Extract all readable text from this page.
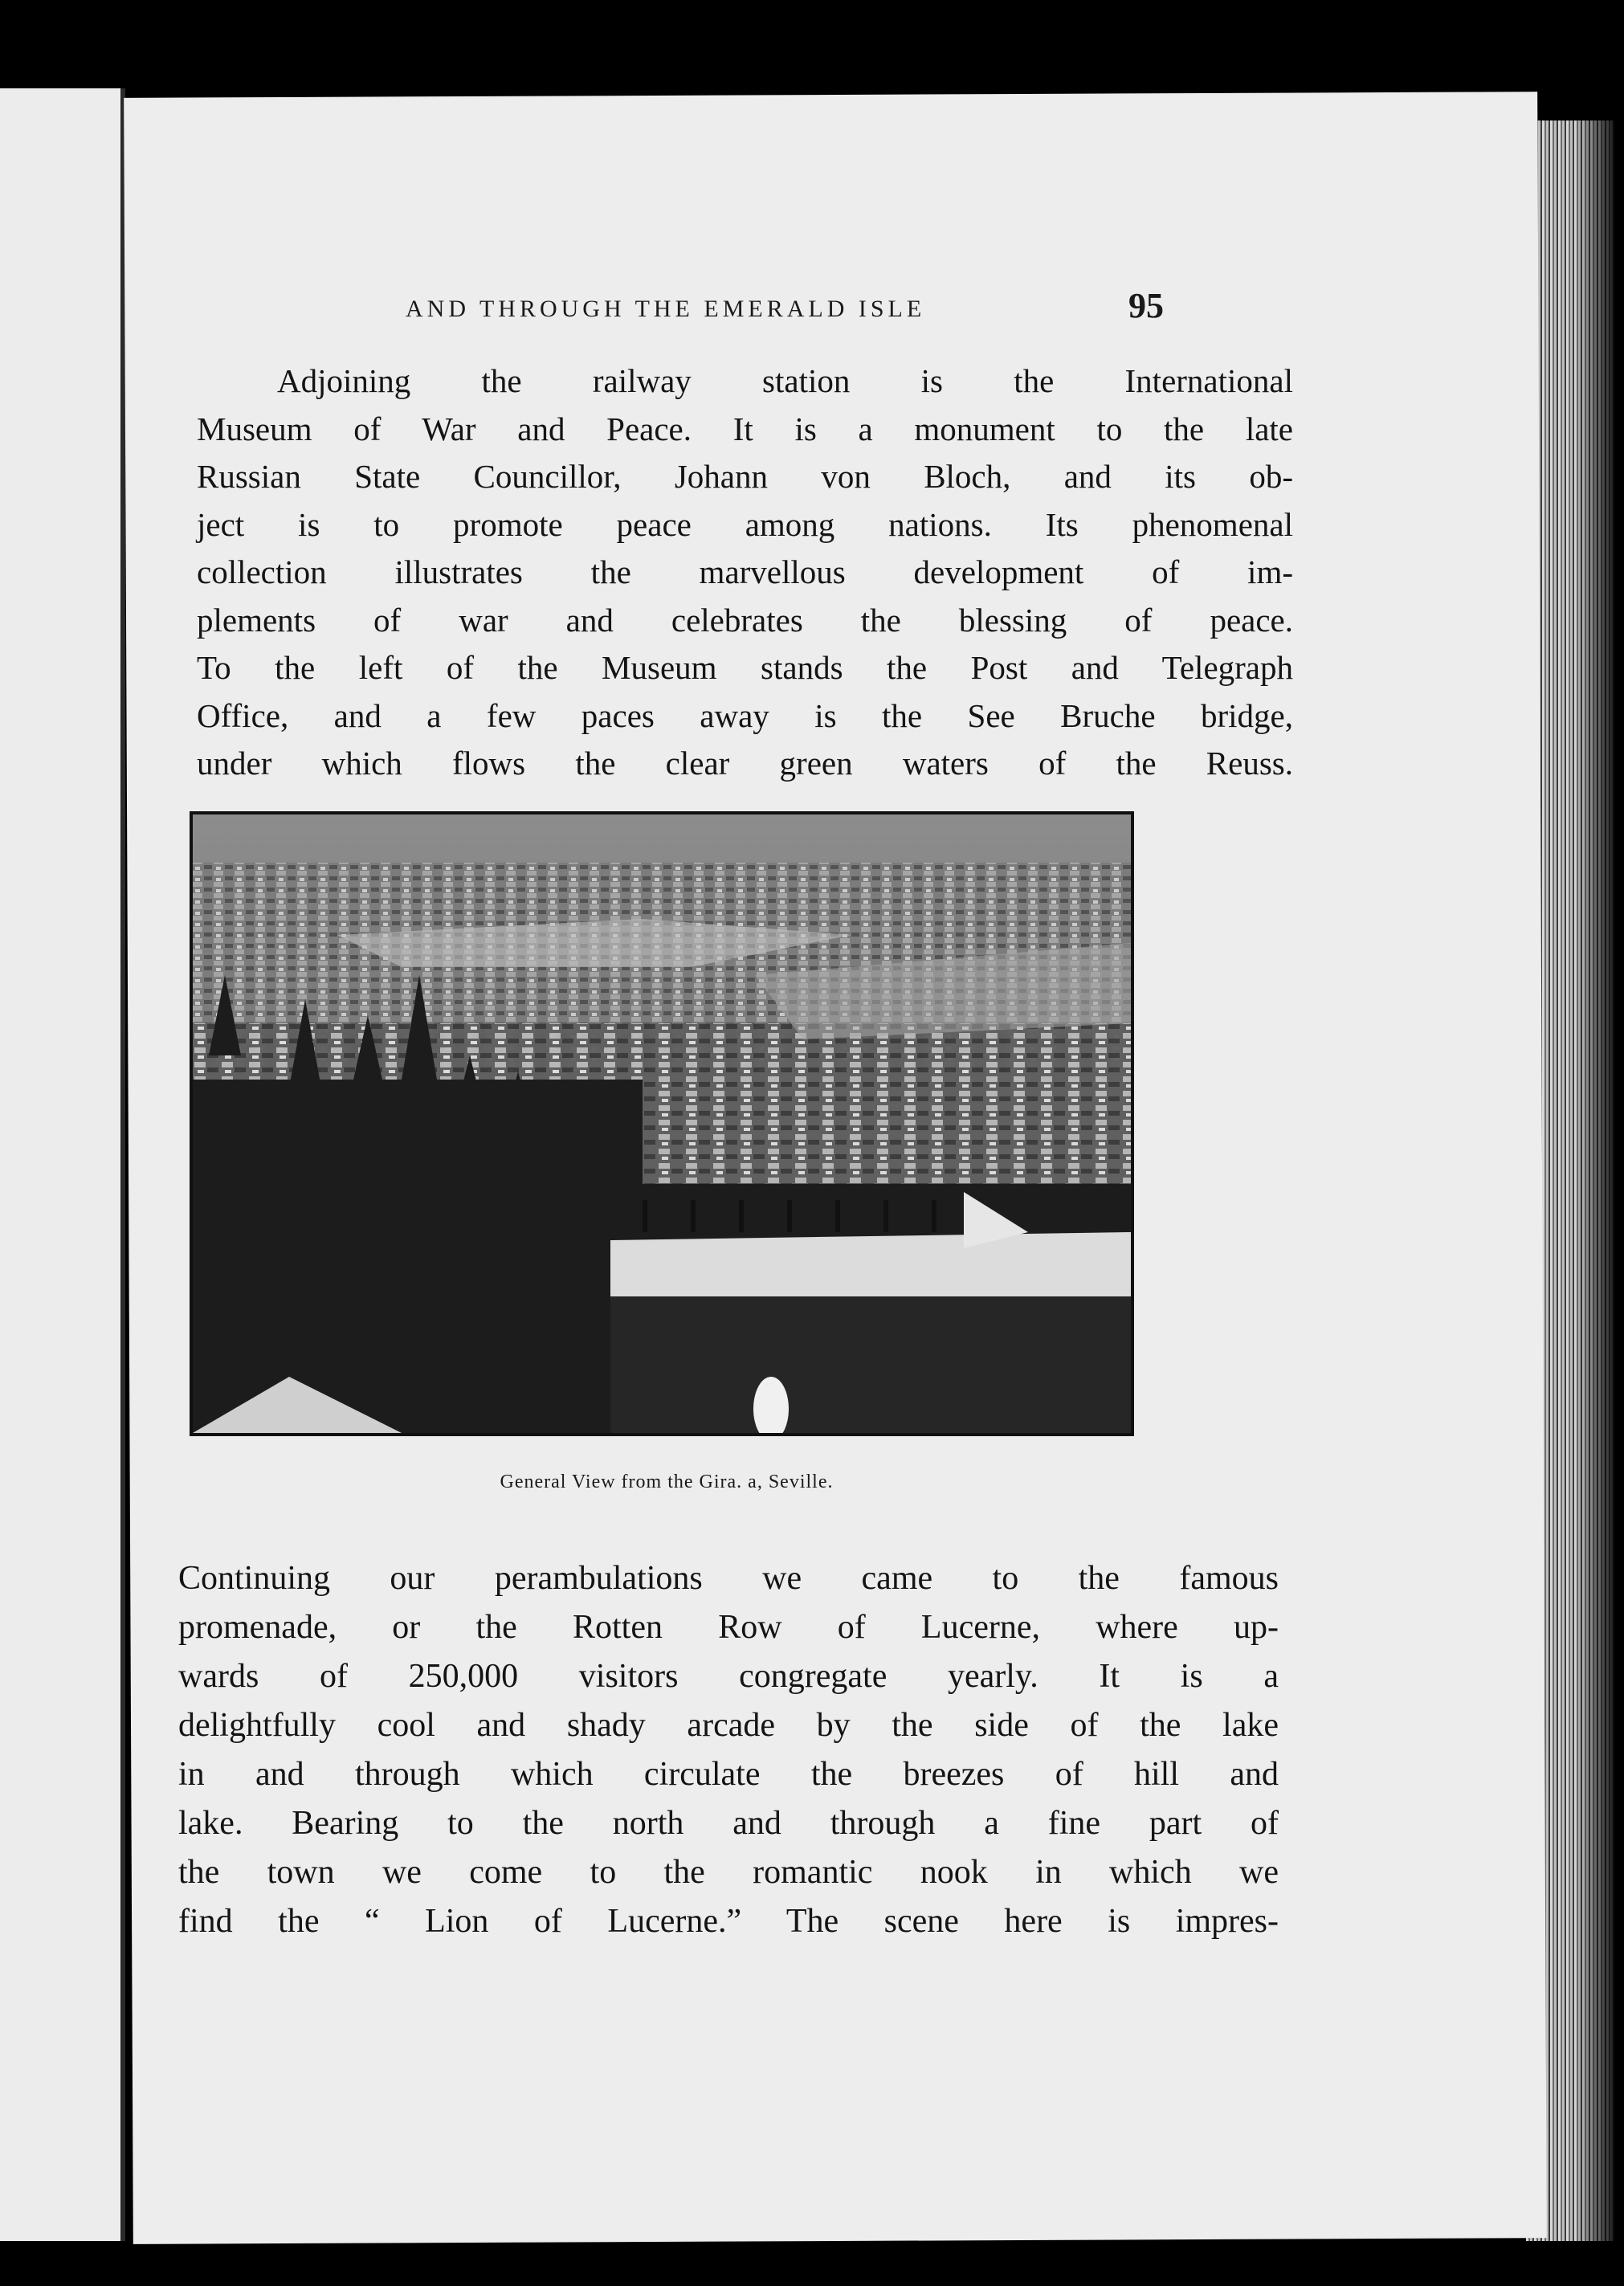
AND THROUGH THE EMERALD ISLE	95

Adjoining the railway station is the International
Museum of War and Peace. It is a monument to the late
Russian State Councillor, Johann von Bloch, and its ob-
ject is to promote peace among nations. Its phenomenal
collection illustrates the marvellous development of im-
plements of war and celebrates the blessing of peace.
To the left of the Museum stands the Post and Telegraph
Office, and a few paces away is the See Bruche bridge,
under which flows the clear green waters of the Reuss.

General View from the Gira. a, Seville.

Continuing our perambulations we came to the famous
promenade, or the Rotten Row of Lucerne, where up-
wards of 250,000 visitors congregate yearly. It is a
delightfully cool and shady arcade by the side of the lake
in and through which circulate the breezes of hill and
lake. Bearing to the north and through a fine part of
the town we come to the romantic nook in which we
find the “ Lion of Lucerne.” The scene here is impres-
